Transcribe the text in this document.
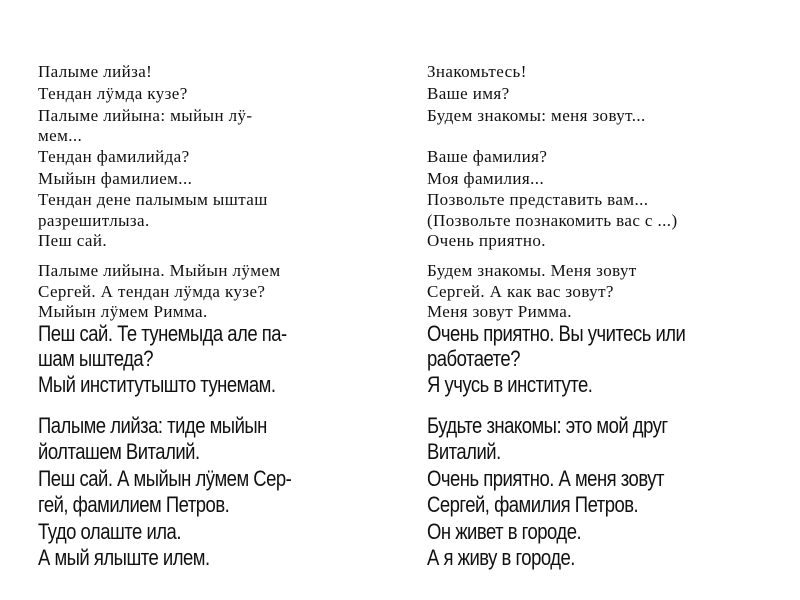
Палыме лийза!
Тендан лӱмда кузе?
Палыме лийына: мыйын лӱ-
мем...
Тендан фамилийда?
Мыйын фамилием...
Тендан дене палымым ышташ
разрешитлыза.
Пеш сай.
Палыме лийына. Мыйын лӱмем
Сергей. А тендан лӱмда кузе?
Мыйын лӱмем Римма.
Пеш сай. Те тунемыда але па-
шам ыштеда?
Мый институтышто тунемам.
Палыме лийза: тиде мыйын
йолташем Виталий.
Пеш сай. А мыйын лӱмем Сер-
гей, фамилием Петров.
Тудо олаште ила.
А мый ялыште илем.
Знакомьтесь!
Ваше имя?
Будем знакомы: меня зовут...
Ваше фамилия?
Моя фамилия...
Позвольте представить вам...
(Позвольте познакомить вас с ...)
Очень приятно.
Будем знакомы. Меня зовут
Сергей. А как вас зовут?
Меня зовут Римма.
Очень приятно. Вы учитесь или
работаете?
Я учусь в институте.
Будьте знакомы: это мой друг
Виталий.
Очень приятно. А меня зовут
Сергей, фамилия Петров.
Он живет в городе.
А я живу в городе.
